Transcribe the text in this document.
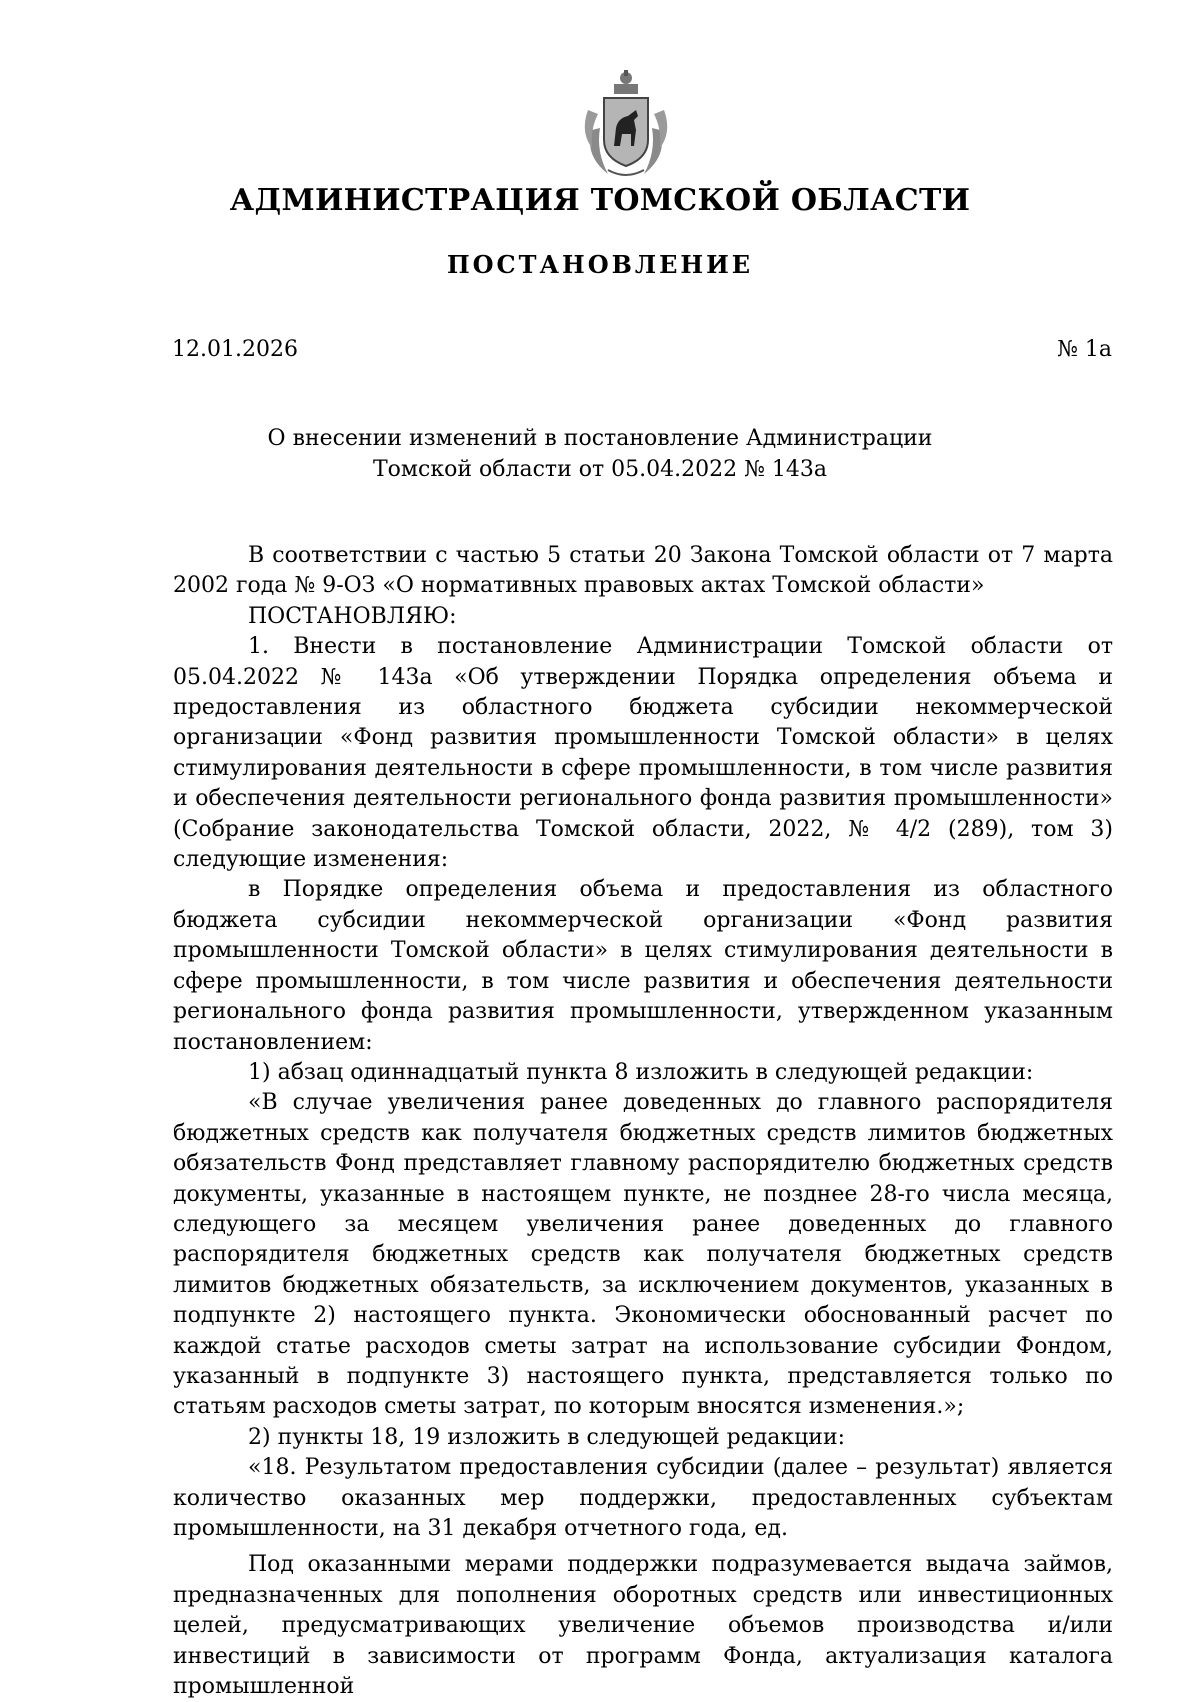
АДМИНИСТРАЦИЯ ТОМСКОЙ ОБЛАСТИ
ПОСТАНОВЛЕНИЕ
12.01.2026	№ 1а
О внесении изменений в постановление Администрации
Томской области от 05.04.2022 № 143а

В соответствии с частью 5 статьи 20 Закона Томской области от 7 марта 2002 года № 9-ОЗ «О нормативных правовых актах Томской области»

ПОСТАНОВЛЯЮ:

1. Внести в постановление Администрации Томской области от 05.04.2022 № 143а «Об утверждении Порядка определения объема и предоставления из областного бюджета субсидии некоммерческой организации «Фонд развития промышленности Томской области» в целях стимулирования деятельности в сфере промышленности, в том числе развития и обеспечения деятельности регионального фонда развития промышленности» (Собрание законодательства Томской области, 2022, № 4/2 (289), том 3) следующие изменения:

в Порядке определения объема и предоставления из областного бюджета субсидии некоммерческой организации «Фонд развития промышленности Томской области» в целях стимулирования деятельности в сфере промышленности, в том числе развития и обеспечения деятельности регионального фонда развития промышленности, утвержденном указанным постановлением:

1) абзац одиннадцатый пункта 8 изложить в следующей редакции:

«В случае увеличения ранее доведенных до главного распорядителя бюджетных средств как получателя бюджетных средств лимитов бюджетных обязательств Фонд представляет главному распорядителю бюджетных средств документы, указанные в настоящем пункте, не позднее 28-го числа месяца, следующего за месяцем увеличения ранее доведенных до главного распорядителя бюджетных средств как получателя бюджетных средств лимитов бюджетных обязательств, за исключением документов, указанных в подпункте 2) настоящего пункта. Экономически обоснованный расчет по каждой статье расходов сметы затрат на использование субсидии Фондом, указанный в подпункте 3) настоящего пункта, представляется только по статьям расходов сметы затрат, по которым вносятся изменения.»;

2) пункты 18, 19 изложить в следующей редакции:

«18. Результатом предоставления субсидии (далее – результат) является количество оказанных мер поддержки, предоставленных субъектам промышленности, на 31 декабря отчетного года, ед.

Под оказанными мерами поддержки подразумевается выдача займов, предназначенных для пополнения оборотных средств или инвестиционных целей, предусматривающих увеличение объемов производства и/или инвестиций в зависимости от программ Фонда, актуализация каталога промышленной
